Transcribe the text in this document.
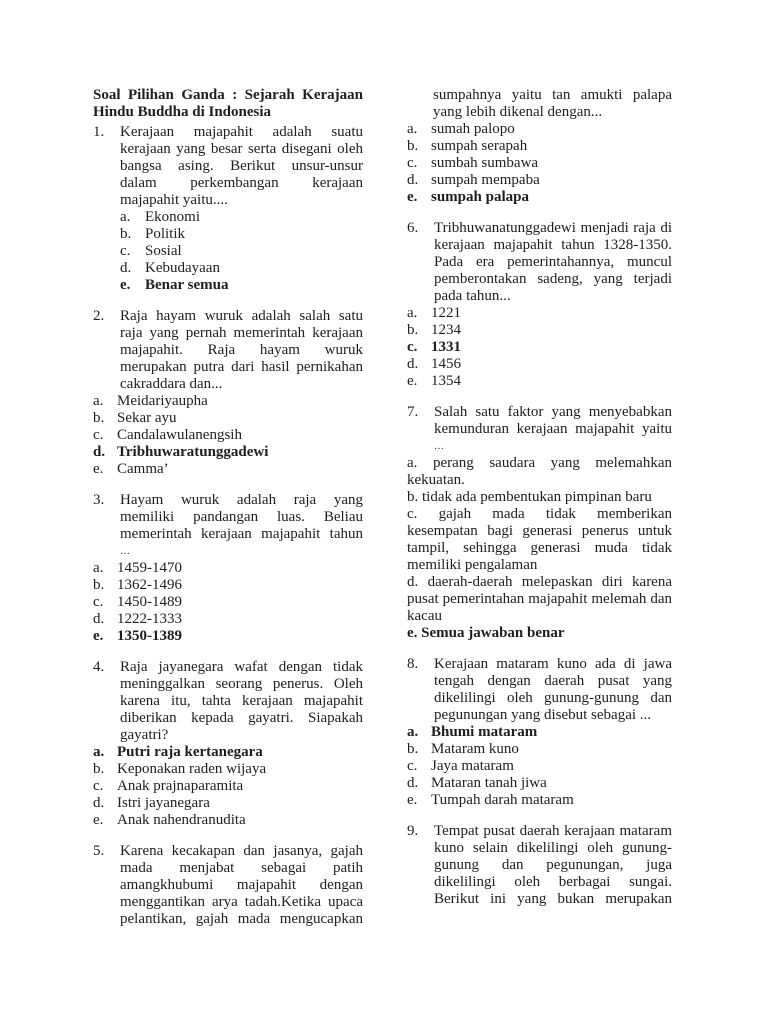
Soal Pilihan Ganda : Sejarah Kerajaan Hindu Buddha di Indonesia

1. Kerajaan majapahit adalah suatu kerajaan yang besar serta disegani oleh bangsa asing. Berikut unsur-unsur dalam perkembangan kerajaan majapahit yaitu....

a. Ekonomi
b. Politik
c. Sosial
d. Kebudayaan
e. Benar semua

2. Raja hayam wuruk adalah salah satu raja yang pernah memerintah kerajaan majapahit. Raja hayam wuruk merupakan putra dari hasil pernikahan cakraddara dan...

a. Meidariyaupha
b. Sekar ayu
c. Candalawulanengsih
d. Tribhuwaratunggadewi
e. Camma’

3. Hayam wuruk adalah raja yang memiliki pandangan luas. Beliau memerintah kerajaan majapahit tahun

…
a. 1459-1470
b. 1362-1496
c. 1450-1489
d. 1222-1333
e. 1350-1389

4. Raja jayanegara wafat dengan tidak meninggalkan seorang penerus. Oleh karena itu, tahta kerajaan majapahit diberikan kepada gayatri. Siapakah gayatri?

a. Putri raja kertanegara
b. Keponakan raden wijaya
c. Anak prajnaparamita
d. Istri jayanegara
e. Anak nahendranudita

5. Karena kecakapan dan jasanya, gajah mada menjabat sebagai patih amangkhubumi majapahit dengan menggantikan arya tadah.Ketika upaca pelantikan, gajah mada mengucapkan

sumpahnya yaitu tan amukti palapa yang lebih dikenal dengan...

a. sumah palopo
b. sumpah serapah
c. sumbah sumbawa
d. sumpah mempaba
e. sumpah palapa

6. Tribhuwanatunggadewi menjadi raja di kerajaan majapahit tahun 1328-1350. Pada era pemerintahannya, muncul pemberontakan sadeng, yang terjadi pada tahun...

a. 1221
b. 1234
c. 1331
d. 1456
e. 1354

7. Salah satu faktor yang menyebabkan kemunduran kerajaan majapahit yaitu

…
a. perang saudara yang melemahkan kekuatan.
b. tidak ada pembentukan pimpinan baru
c. gajah mada tidak memberikan kesempatan bagi generasi penerus untuk tampil, sehingga generasi muda tidak memiliki pengalaman
d. daerah-daerah melepaskan diri karena pusat pemerintahan majapahit melemah dan kacau
e. Semua jawaban benar

8. Kerajaan mataram kuno ada di jawa tengah dengan daerah pusat yang dikelilingi oleh gunung-gunung dan pegunungan yang disebut sebagai ...

a. Bhumi mataram
b. Mataram kuno
c. Jaya mataram
d. Mataran tanah jiwa
e. Tumpah darah mataram

9. Tempat pusat daerah kerajaan mataram kuno selain dikelilingi oleh gunung-gunung dan pegunungan, juga dikelilingi oleh berbagai sungai. Berikut ini yang bukan merupakan
